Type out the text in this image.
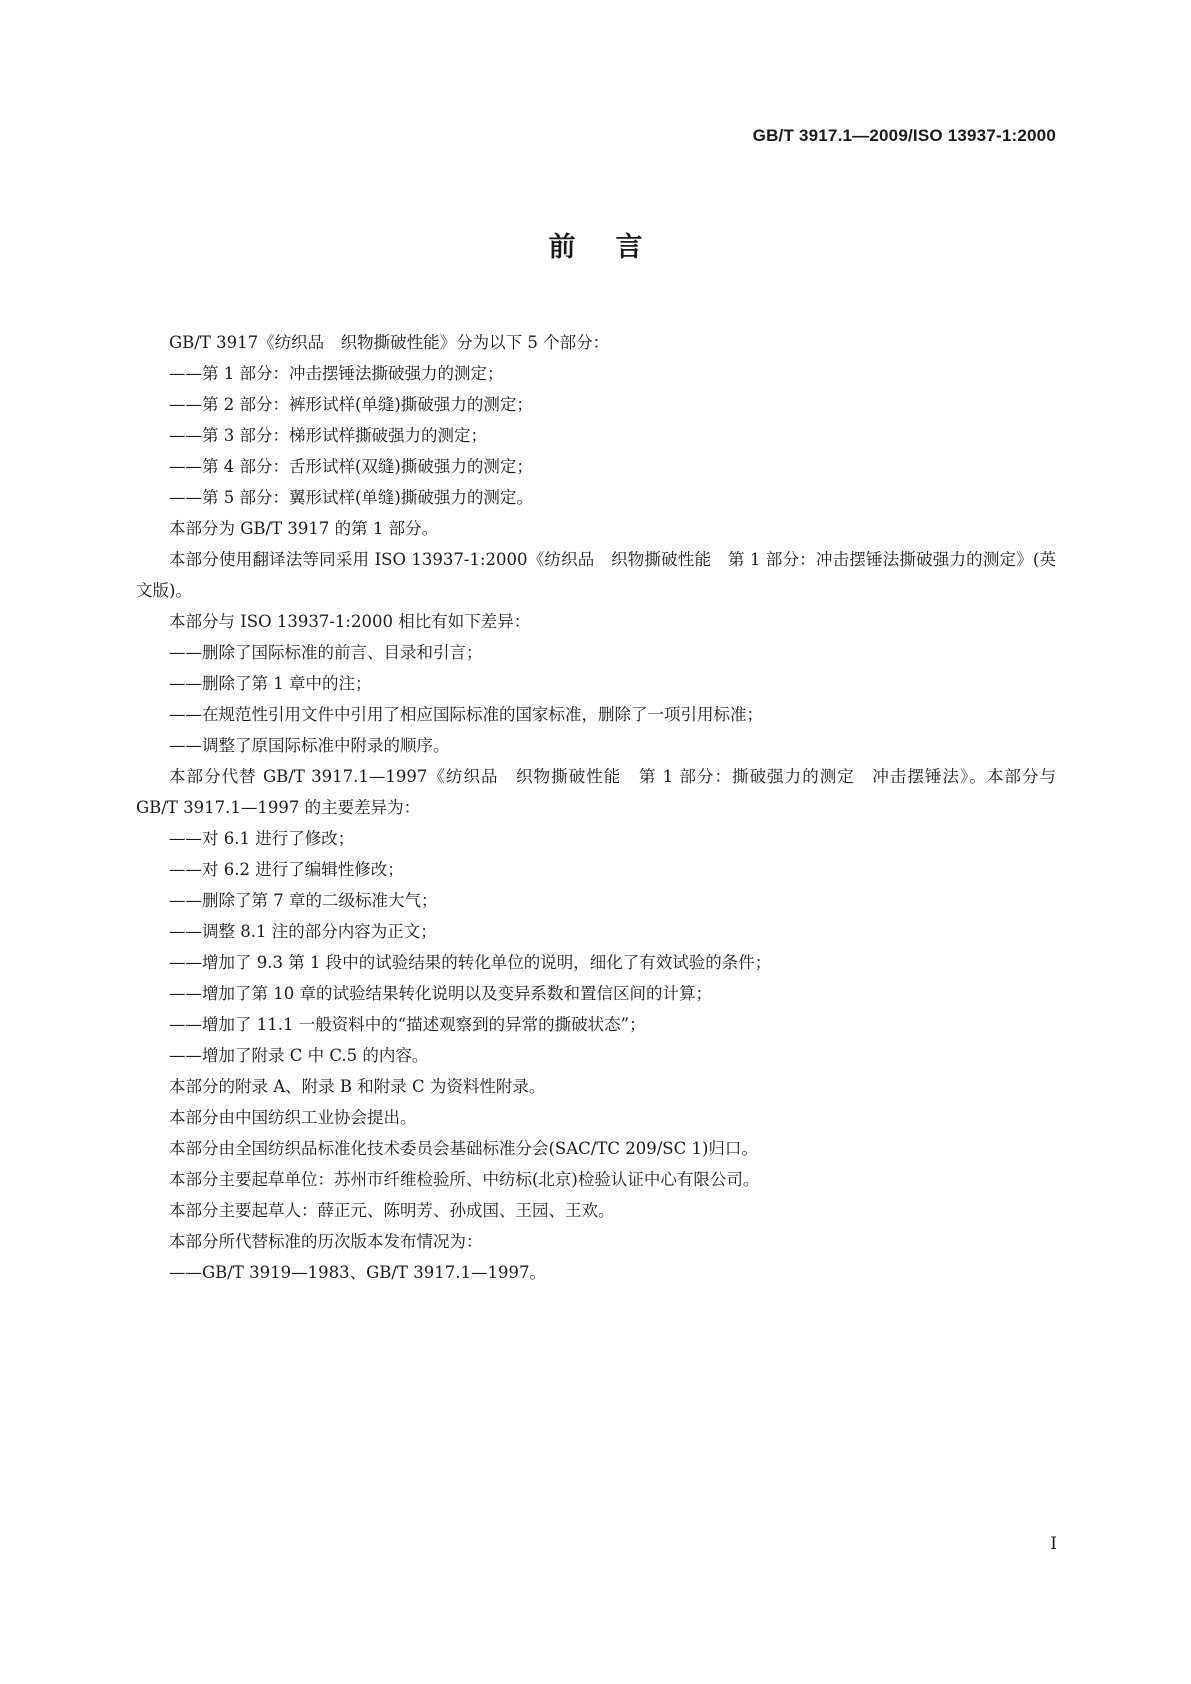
GB/T 3917.1—2009/ISO 13937-1:2000
前言

GB/T 3917《纺织品　织物撕破性能》分为以下 5 个部分：

——第 1 部分：冲击摆锤法撕破强力的测定；

——第 2 部分：裤形试样(单缝)撕破强力的测定；

——第 3 部分：梯形试样撕破强力的测定；

——第 4 部分：舌形试样(双缝)撕破强力的测定；

——第 5 部分：翼形试样(单缝)撕破强力的测定。

本部分为 GB/T 3917 的第 1 部分。

本部分使用翻译法等同采用 ISO 13937-1:2000《纺织品　织物撕破性能　第 1 部分：冲击摆锤法撕破强力的测定》(英文版)。

本部分与 ISO 13937-1:2000 相比有如下差异：

——删除了国际标准的前言、目录和引言；

——删除了第 1 章中的注；

——在规范性引用文件中引用了相应国际标准的国家标准，删除了一项引用标准；

——调整了原国际标准中附录的顺序。

本部分代替 GB/T 3917.1—1997《纺织品　织物撕破性能　第 1 部分：撕破强力的测定　冲击摆锤法》。本部分与 GB/T 3917.1—1997 的主要差异为：

——对 6.1 进行了修改；

——对 6.2 进行了编辑性修改；

——删除了第 7 章的二级标准大气；

——调整 8.1 注的部分内容为正文；

——增加了 9.3 第 1 段中的试验结果的转化单位的说明，细化了有效试验的条件；

——增加了第 10 章的试验结果转化说明以及变异系数和置信区间的计算；

——增加了 11.1 一般资料中的“描述观察到的异常的撕破状态”；

——增加了附录 C 中 C.5 的内容。

本部分的附录 A、附录 B 和附录 C 为资料性附录。

本部分由中国纺织工业协会提出。

本部分由全国纺织品标准化技术委员会基础标准分会(SAC/TC 209/SC 1)归口。

本部分主要起草单位：苏州市纤维检验所、中纺标(北京)检验认证中心有限公司。

本部分主要起草人：薛正元、陈明芳、孙成国、王园、王欢。

本部分所代替标准的历次版本发布情况为：

——GB/T 3919—1983、GB/T 3917.1—1997。

I
